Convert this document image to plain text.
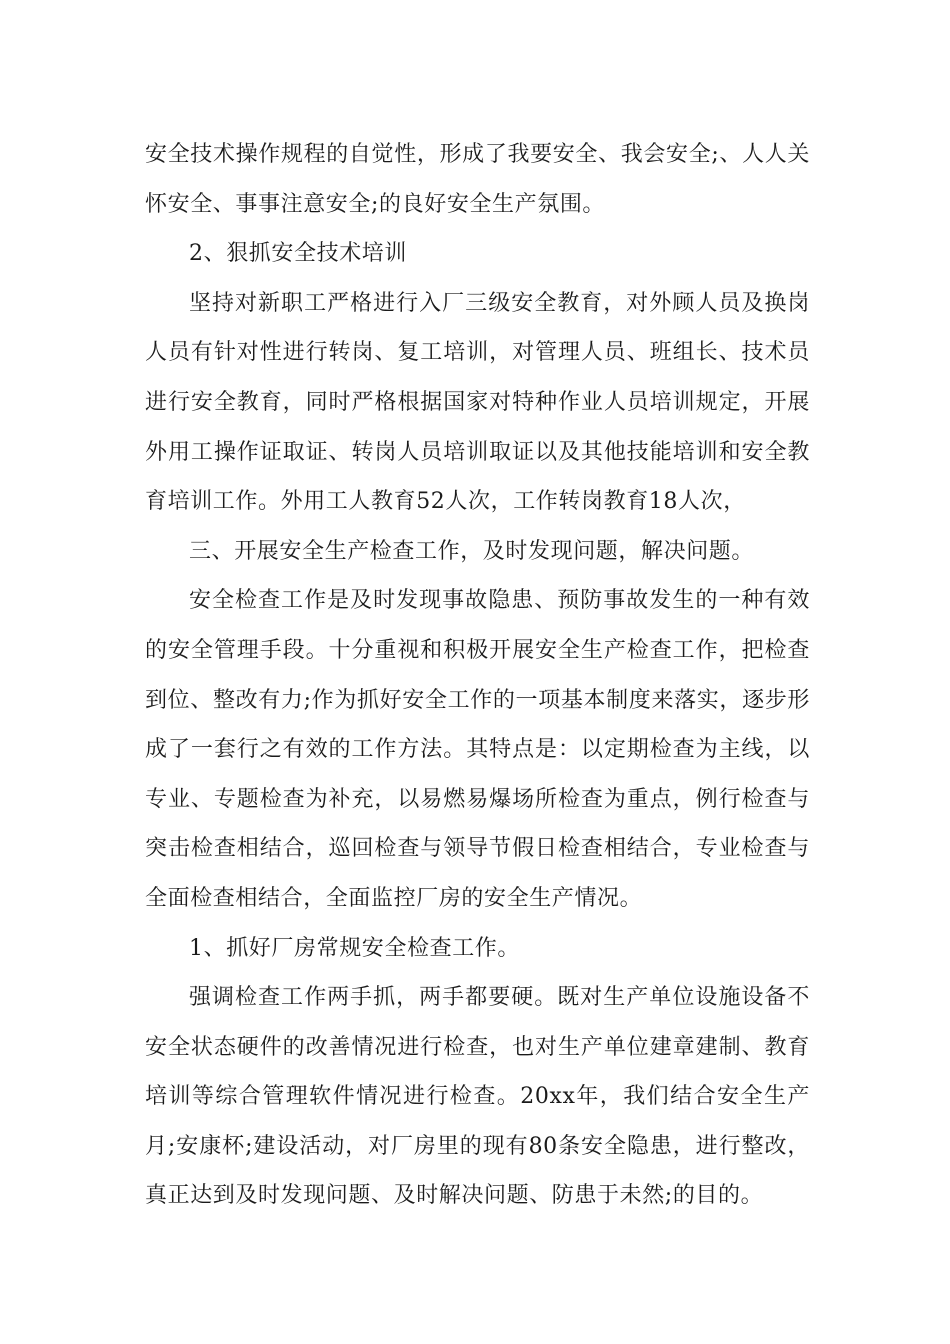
安全技术操作规程的自觉性，形成了我要安全、我会安全;、人人关怀安全、事事注意安全;的良好安全生产氛围。

2、狠抓安全技术培训

坚持对新职工严格进行入厂三级安全教育，对外顾人员及换岗人员有针对性进行转岗、复工培训，对管理人员、班组长、技术员进行安全教育，同时严格根据国家对特种作业人员培训规定，开展外用工操作证取证、转岗人员培训取证以及其他技能培训和安全教育培训工作。外用工人教育52人次，工作转岗教育18人次，

三、开展安全生产检查工作，及时发现问题，解决问题。

安全检查工作是及时发现事故隐患、预防事故发生的一种有效的安全管理手段。十分重视和积极开展安全生产检查工作，把检查到位、整改有力;作为抓好安全工作的一项基本制度来落实，逐步形成了一套行之有效的工作方法。其特点是：以定期检查为主线，以专业、专题检查为补充，以易燃易爆场所检查为重点，例行检查与突击检查相结合，巡回检查与领导节假日检查相结合，专业检查与全面检查相结合，全面监控厂房的安全生产情况。

1、抓好厂房常规安全检查工作。

强调检查工作两手抓，两手都要硬。既对生产单位设施设备不安全状态硬件的改善情况进行检查，也对生产单位建章建制、教育培训等综合管理软件情况进行检查。20xx年，我们结合安全生产月;安康杯;建设活动，对厂房里的现有80条安全隐患，进行整改，真正达到及时发现问题、及时解决问题、防患于未然;的目的。
